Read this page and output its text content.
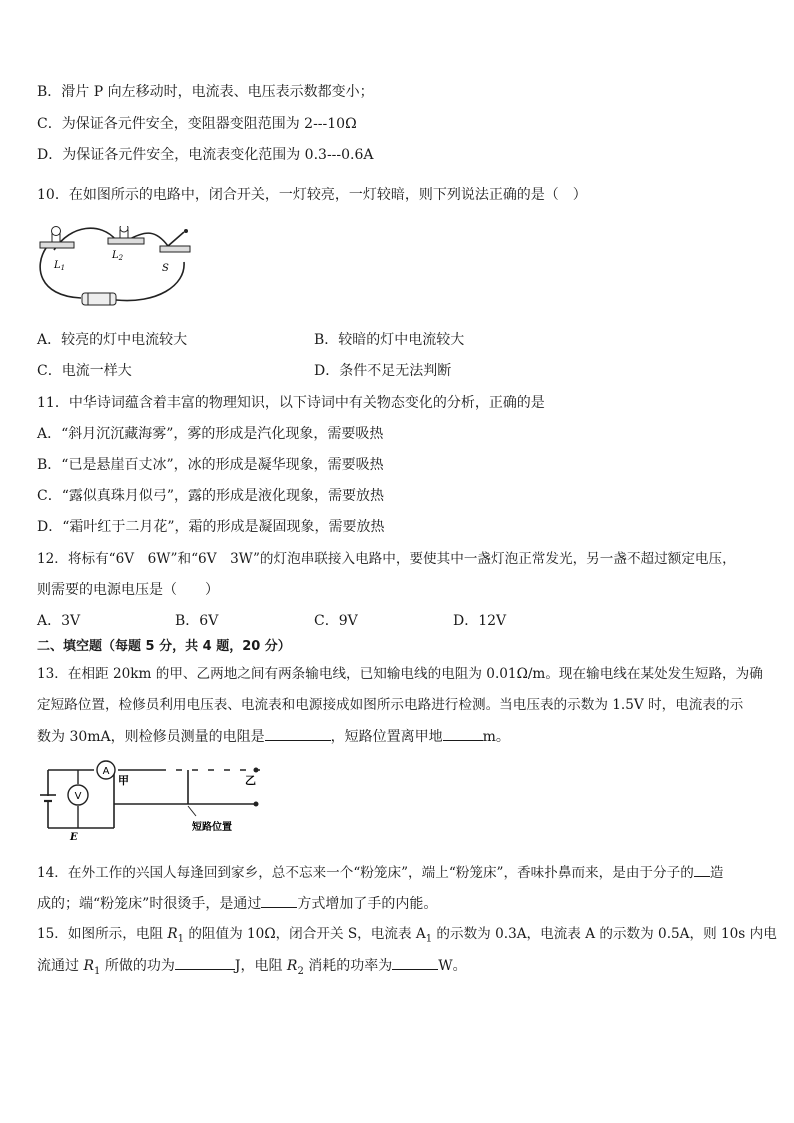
B．滑片 P 向左移动时，电流表、电压表示数都变小；
C．为保证各元件安全，变阻器变阻范围为 2---10Ω
D．为保证各元件安全，电流表变化范围为 0.3---0.6A
10．在如图所示的电路中，闭合开关，一灯较亮，一灯较暗，则下列说法正确的是（　）
$L_1$
$L_2$
S
A．较亮的灯中电流较大	B．较暗的灯中电流较大
C．电流一样大	D．条件不足无法判断
11．中华诗词蕴含着丰富的物理知识，以下诗词中有关物态变化的分析，正确的是
A．“斜月沉沉藏海雾”，雾的形成是汽化现象，需要吸热
B．“已是悬崖百丈冰”，冰的形成是凝华现象，需要吸热
C．“露似真珠月似弓”，露的形成是液化现象，需要放热
D．“霜叶红于二月花”，霜的形成是凝固现象，需要放热
12．将标有“6V　6W”和“6V　3W”的灯泡串联接入电路中，要使其中一盏灯泡正常发光，另一盏不超过额定电压，
则需要的电源电压是（　　）
A．3V	B．6V	C．9V	D．12V
二、填空题（每题 5 分，共 4 题，20 分）
13．在相距 20km 的甲、乙两地之间有两条输电线，已知输电线的电阻为 0.01Ω/m。现在输电线在某处发生短路，为确
定短路位置，检修员利用电压表、电流表和电源接成如图所示电路进行检测。当电压表的示数为 1.5V 时，电流表的示
数为 30mA，则检修员测量的电阻是	，短路位置离甲地	m。
V
A
甲	乙
E
短路位置
14．在外工作的兴国人每逢回到家乡，总不忘来一个“粉笼床”，端上“粉笼床”，香味扑鼻而来，是由于分子的 造
成的；端“粉笼床”时很烫手，是通过	方式增加了手的内能。
15．如图所示，电阻 $R_1$ 的阻值为 10Ω，闭合开关 S，电流表 $A_1$ 的示数为 0.3A，电流表 A 的示数为 0.5A，则 10s 内电
流通过 $R_1$ 所做的功为	J，电阻 $R_2$ 消耗的功率为	W。
